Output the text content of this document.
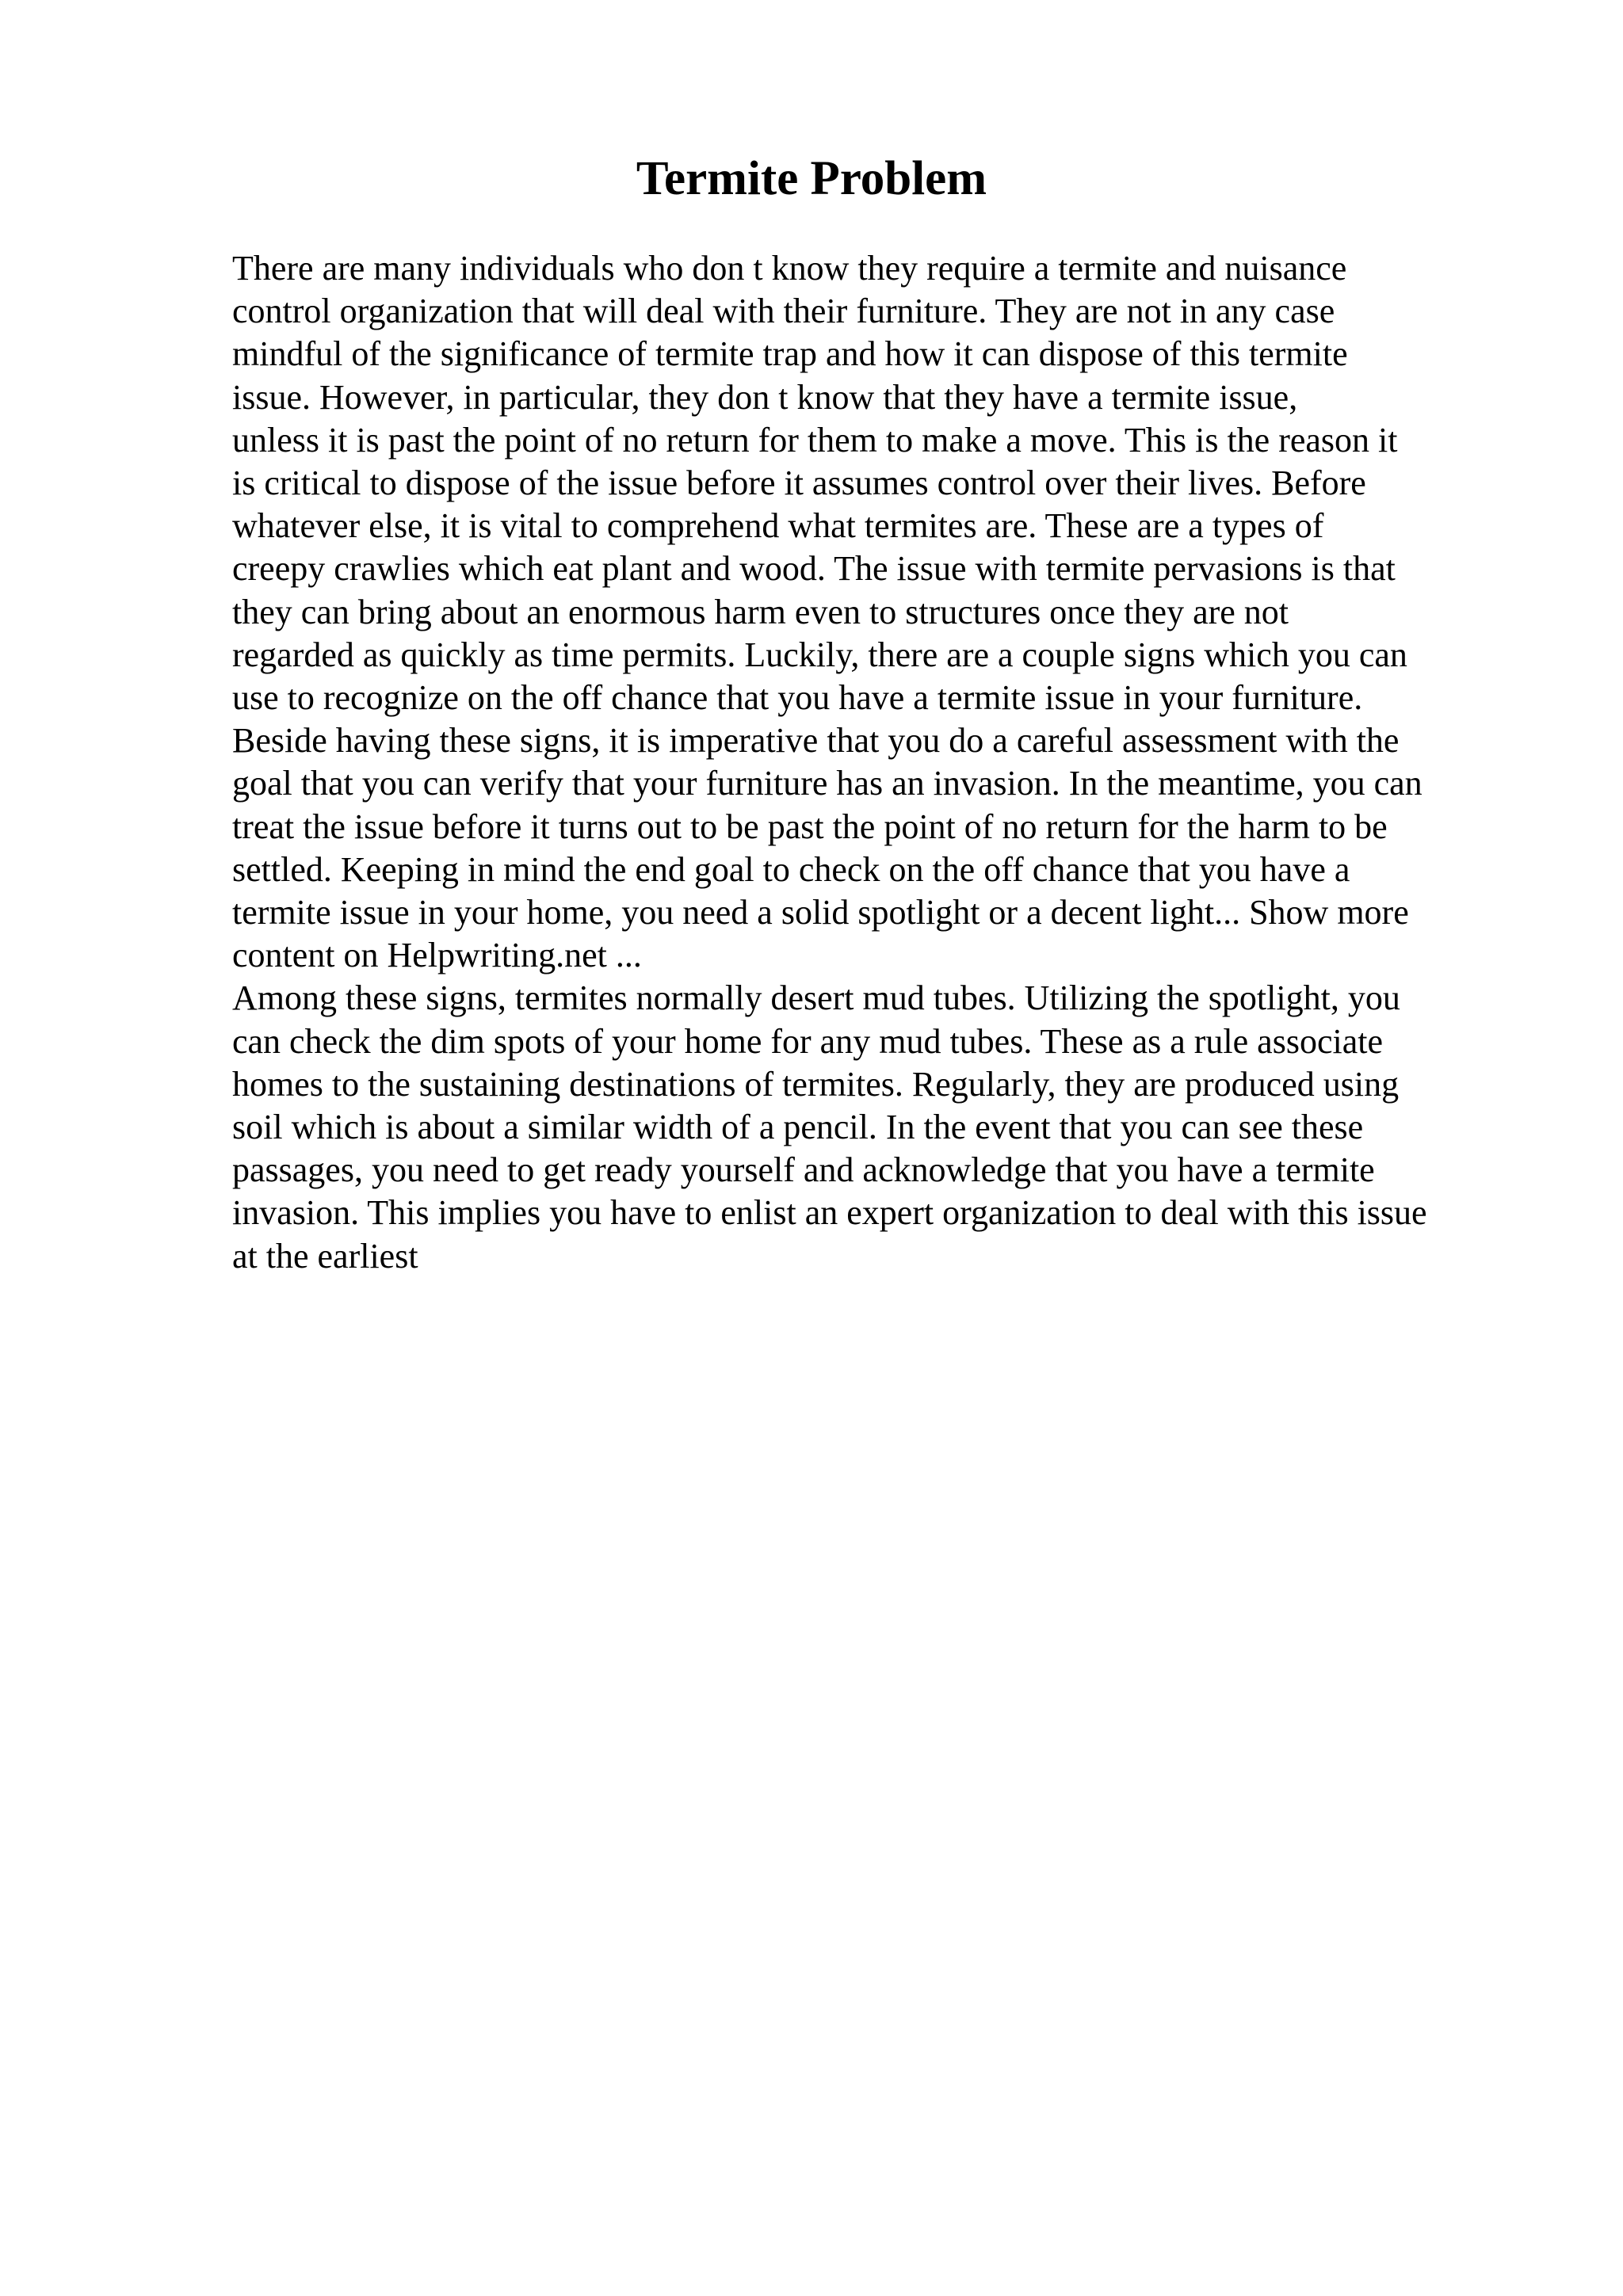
Termite Problem
There are many individuals who don t know they require a termite and nuisance
control organization that will deal with their furniture. They are not in any case
mindful of the significance of termite trap and how it can dispose of this termite
issue. However, in particular, they don t know that they have a termite issue,
unless it is past the point of no return for them to make a move. This is the reason it
is critical to dispose of the issue before it assumes control over their lives. Before
whatever else, it is vital to comprehend what termites are. These are a types of
creepy crawlies which eat plant and wood. The issue with termite pervasions is that
they can bring about an enormous harm even to structures once they are not
regarded as quickly as time permits. Luckily, there are a couple signs which you can
use to recognize on the off chance that you have a termite issue in your furniture.
Beside having these signs, it is imperative that you do a careful assessment with the
goal that you can verify that your furniture has an invasion. In the meantime, you can
treat the issue before it turns out to be past the point of no return for the harm to be
settled. Keeping in mind the end goal to check on the off chance that you have a
termite issue in your home, you need a solid spotlight or a decent light... Show more
content on Helpwriting.net ...
Among these signs, termites normally desert mud tubes. Utilizing the spotlight, you
can check the dim spots of your home for any mud tubes. These as a rule associate
homes to the sustaining destinations of termites. Regularly, they are produced using
soil which is about a similar width of a pencil. In the event that you can see these
passages, you need to get ready yourself and acknowledge that you have a termite
invasion. This implies you have to enlist an expert organization to deal with this issue
at the earliest
